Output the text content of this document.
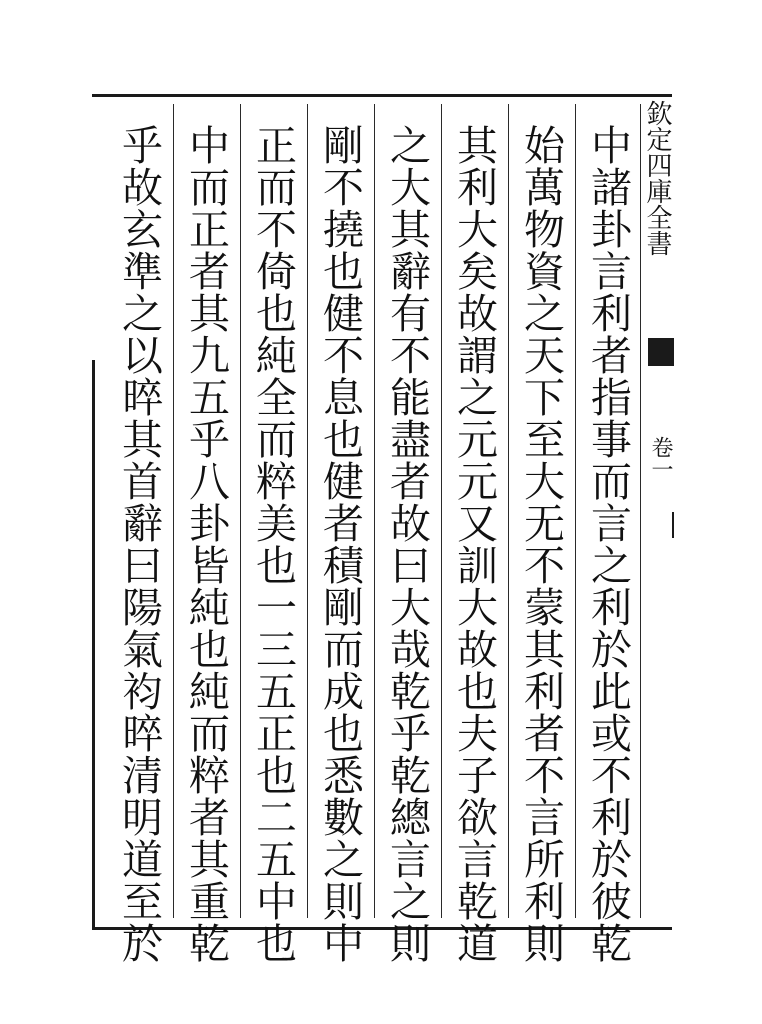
欽定四庫全書
卷一
中諸卦言利者指事而言之利於此或不利於彼乾
始萬物資之天下至大无不蒙其利者不言所利則
其利大矣故謂之元元又訓大故也夫子欲言乾道
之大其辭有不能盡者故曰大哉乾乎乾總言之則
剛不撓也健不息也健者積剛而成也悉數之則中
正而不倚也純全而粹美也一三五正也二五中也
中而正者其九五乎八卦皆純也純而粹者其重乾
乎故玄準之以晬其首辭曰陽氣袀晬清明道至於
